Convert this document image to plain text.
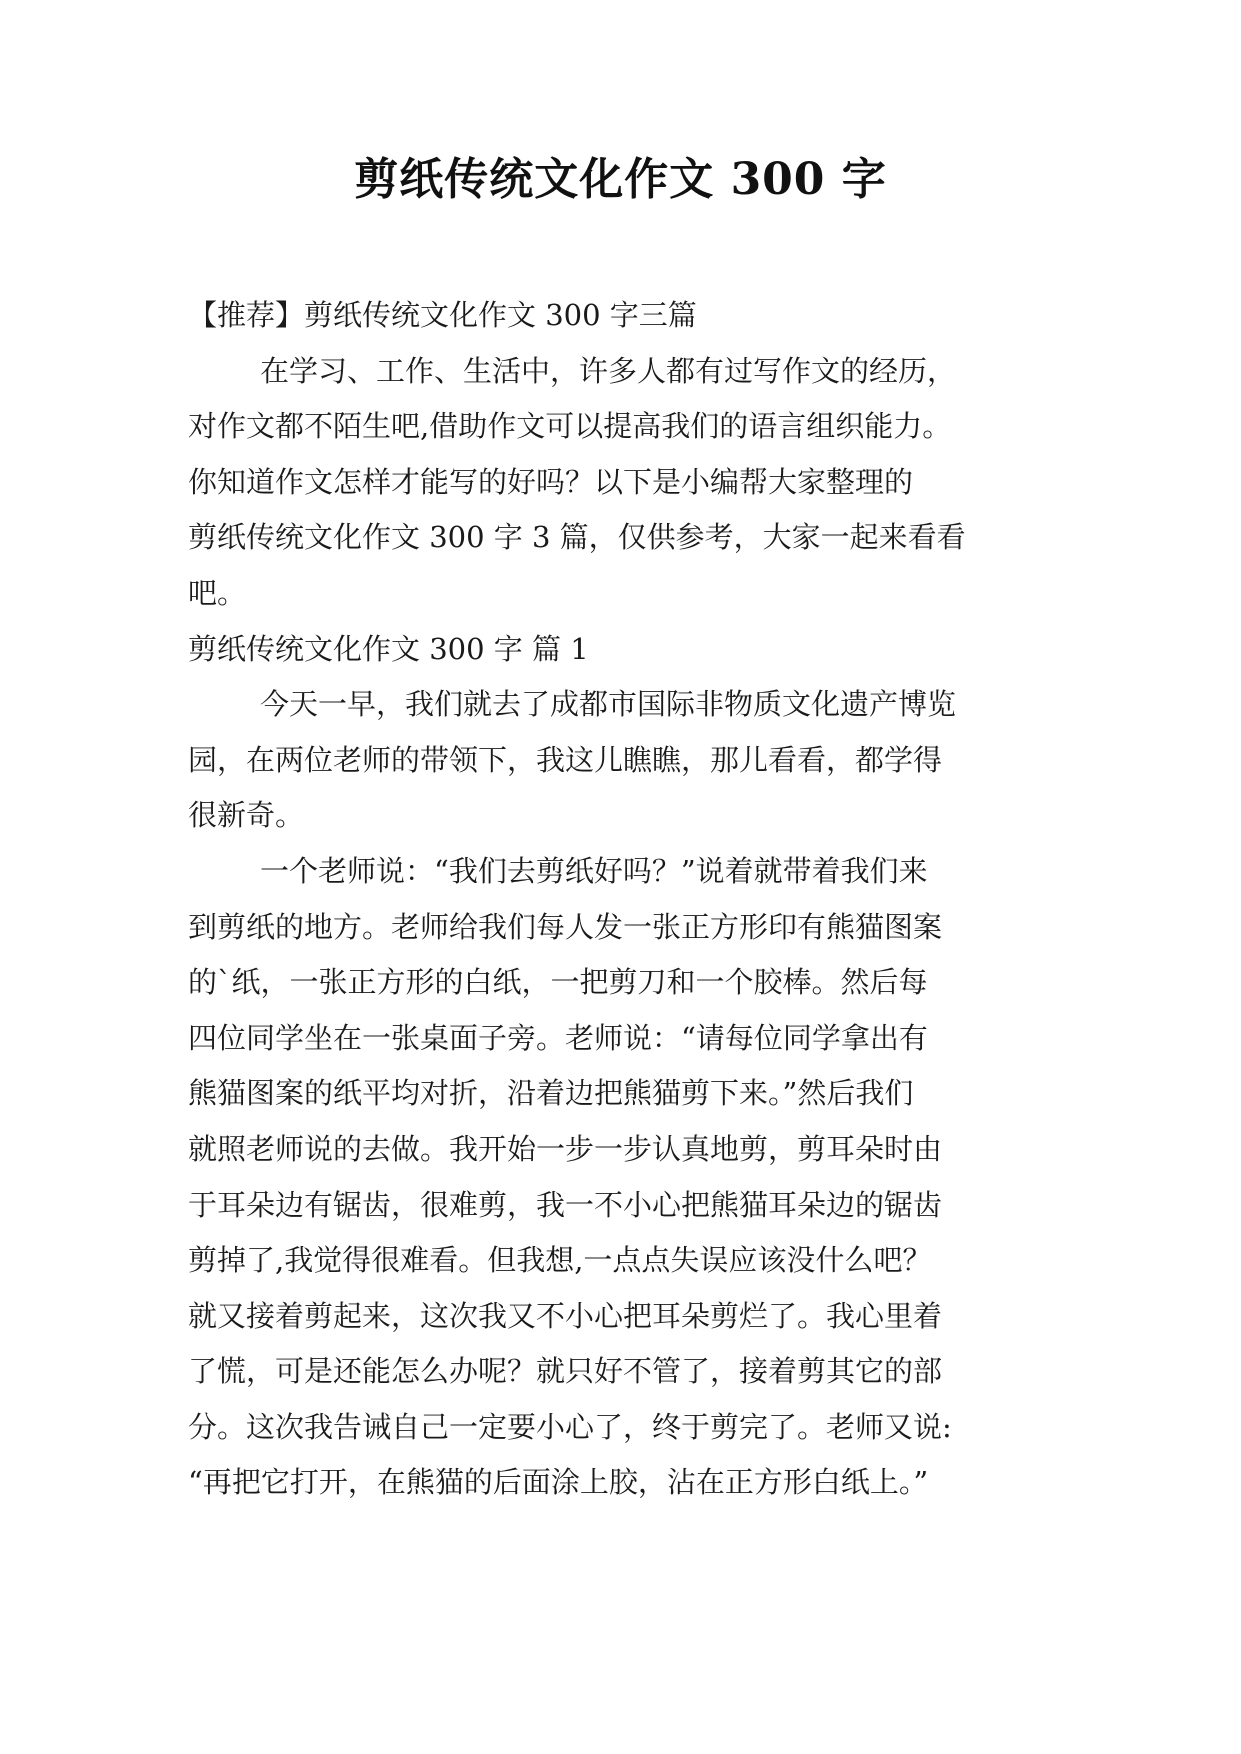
剪纸传统文化作文 300 字
【推荐】剪纸传统文化作文 300 字三篇
在学习、工作、生活中，许多人都有过写作文的经历，
对作文都不陌生吧,借助作文可以提高我们的语言组织能力。
你知道作文怎样才能写的好吗？以下是小编帮大家整理的
剪纸传统文化作文 300 字 3 篇，仅供参考，大家一起来看看
吧。
剪纸传统文化作文 300 字 篇 1
今天一早，我们就去了成都市国际非物质文化遗产博览
园，在两位老师的带领下，我这儿瞧瞧，那儿看看，都学得
很新奇。
一个老师说：“我们去剪纸好吗？”说着就带着我们来
到剪纸的地方。老师给我们每人发一张正方形印有熊猫图案
的`纸，一张正方形的白纸，一把剪刀和一个胶棒。然后每
四位同学坐在一张桌面子旁。老师说：“请每位同学拿出有
熊猫图案的纸平均对折，沿着边把熊猫剪下来。”然后我们
就照老师说的去做。我开始一步一步认真地剪，剪耳朵时由
于耳朵边有锯齿，很难剪，我一不小心把熊猫耳朵边的锯齿
剪掉了,我觉得很难看。但我想,一点点失误应该没什么吧？
就又接着剪起来，这次我又不小心把耳朵剪烂了。我心里着
了慌，可是还能怎么办呢？就只好不管了，接着剪其它的部
分。这次我告诫自己一定要小心了，终于剪完了。老师又说:
“再把它打开，在熊猫的后面涂上胶，沾在正方形白纸上。”
